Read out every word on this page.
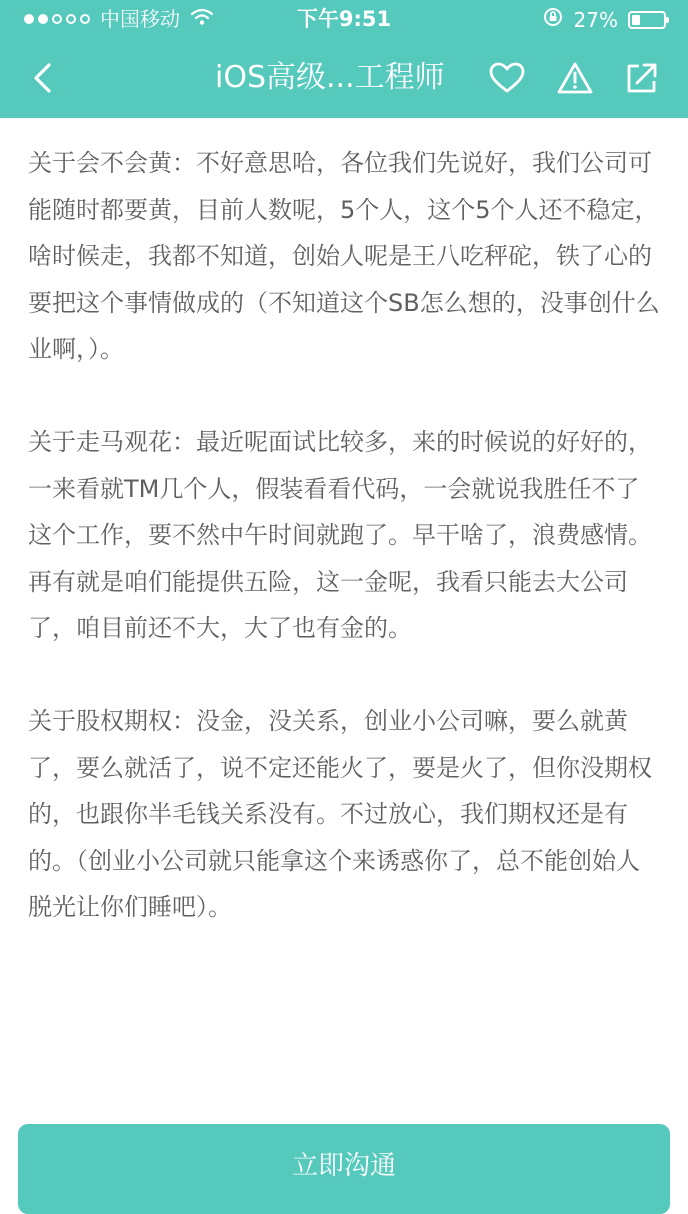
中国移动	下午9:51	27%
iOS高级...工程师

关于会不会黄：不好意思哈，各位我们先说好，我们公司可能随时都要黄，目前人数呢，5个人，这个5个人还不稳定，啥时候走，我都不知道，创始人呢是王八吃秤砣，铁了心的要把这个事情做成的（不知道这个SB怎么想的，没事创什么业啊，）。

关于走马观花：最近呢面试比较多，来的时候说的好好的，一来看就TM几个人，假装看看代码，一会就说我胜任不了这个工作，要不然中午时间就跑了。早干啥了，浪费感情。

再有就是咱们能提供五险，这一金呢，我看只能去大公司了，咱目前还不大，大了也有金的。

关于股权期权：没金，没关系，创业小公司嘛，要么就黄了，要么就活了，说不定还能火了，要是火了，但你没期权的，也跟你半毛钱关系没有。不过放心，我们期权还是有的。（创业小公司就只能拿这个来诱惑你了，总不能创始人脱光让你们睡吧）。

立即沟通
